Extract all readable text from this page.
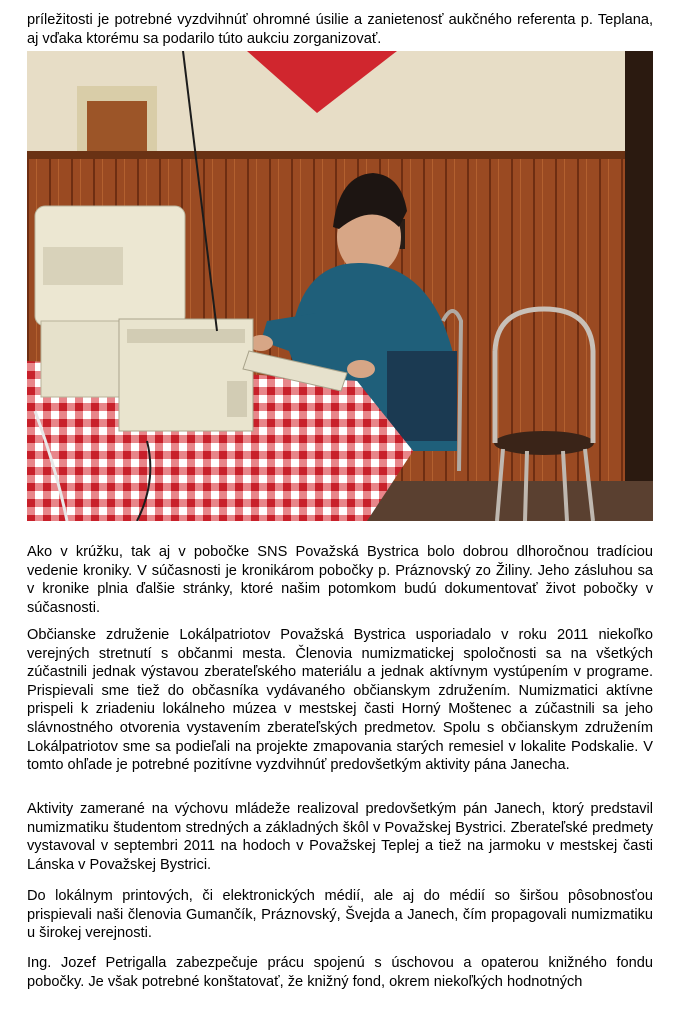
príležitosti je potrebné vyzdvihnúť ohromné úsilie a zanietenosť aukčného referenta p. Teplana, aj vďaka ktorému sa podarilo túto aukciu zorganizovať.

Ako v krúžku, tak aj v pobočke SNS Považská Bystrica bolo dobrou dlhoročnou tradíciou vedenie kroniky. V súčasnosti je kronikárom pobočky p. Práznovský zo Žiliny. Jeho zásluhou sa v kronike plnia ďalšie stránky, ktoré našim potomkom budú dokumentovať život pobočky v súčasnosti.

Občianske združenie Lokálpatriotov Považská Bystrica usporiadalo v roku 2011 niekoľko verejných stretnutí s občanmi mesta. Členovia numizmatickej spoločnosti sa na všetkých zúčastnili jednak výstavou zberateľského materiálu a jednak aktívnym vystúpením v programe. Prispievali sme tiež do občasníka vydávaného občianskym združením. Numizmatici aktívne prispeli k zriadeniu lokálneho múzea v mestskej časti Horný Moštenec a zúčastnili sa jeho slávnostného otvorenia vystavením zberateľských predmetov. Spolu s občianskym združením Lokálpatriotov sme sa podieľali na projekte zmapovania starých remesiel v lokalite Podskalie. V tomto ohľade je potrebné pozitívne vyzdvihnúť predovšetkým aktivity pána Janecha.

Aktivity zamerané na výchovu mládeže realizoval predovšetkým pán Janech, ktorý predstavil numizmatiku študentom stredných a základných škôl v Považskej Bystrici. Zberateľské predmety vystavoval v septembri 2011 na hodoch v Považskej Teplej a tiež na jarmoku v mestskej časti Lánska v Považskej Bystrici.

Do lokálnym printových, či elektronických médií, ale aj do médií so širšou pôsobnosťou prispievali naši členovia Gumančík, Práznovský, Švejda a Janech, čím propagovali numizmatiku u širokej verejnosti.

Ing. Jozef Petrigalla zabezpečuje prácu spojenú s úschovou a opaterou knižného fondu pobočky. Je však potrebné konštatovať, že knižný fond, okrem niekoľkých hodnotných
